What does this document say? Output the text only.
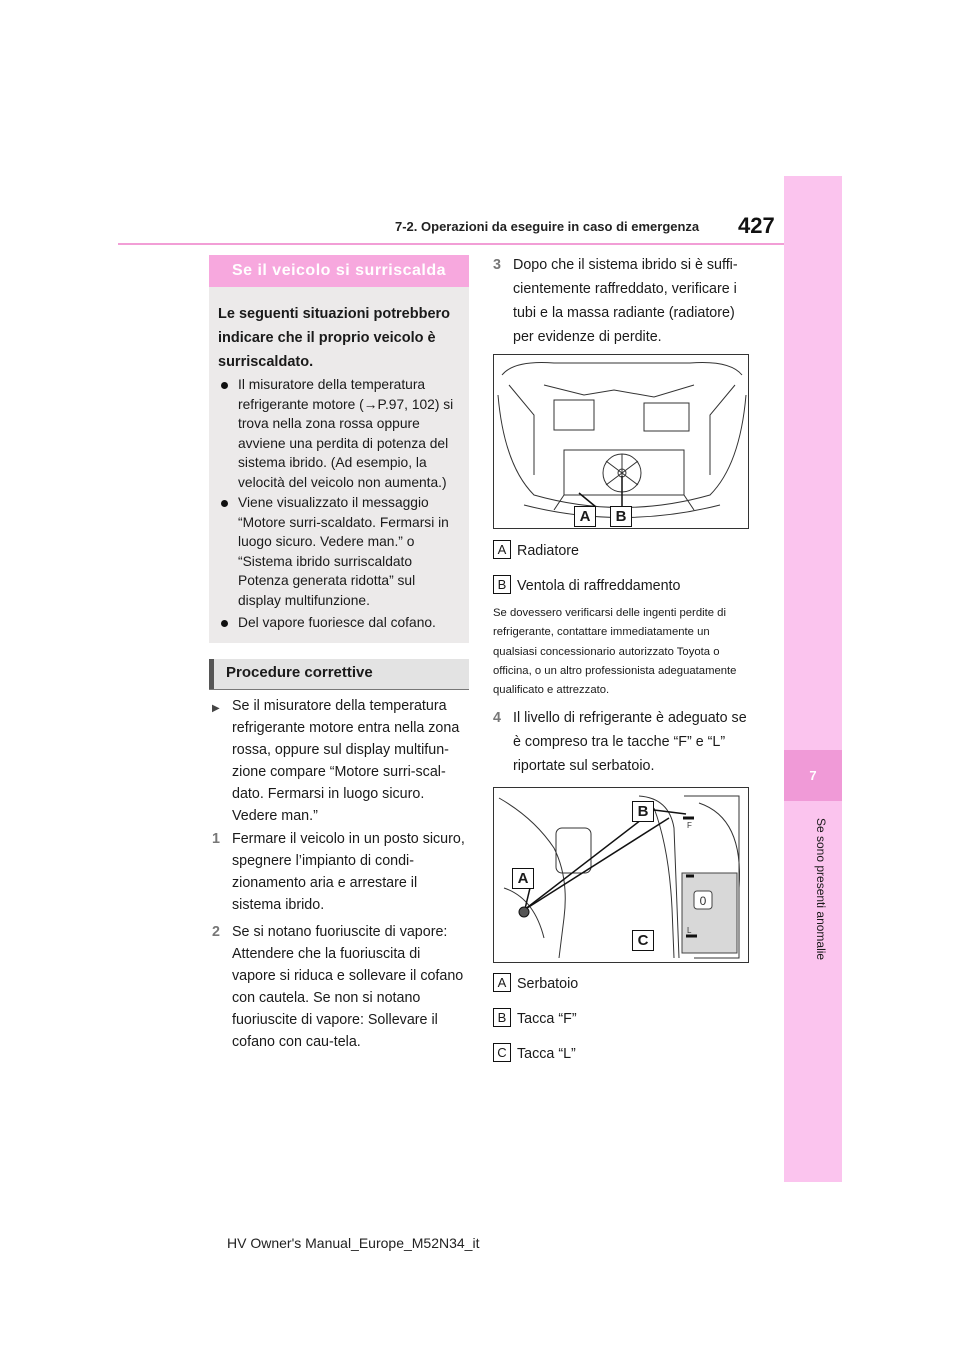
7-2. Operazioni da eseguire in caso di emergenza 427
7
Se sono presenti anomalie
Se il veicolo si surriscalda
Le seguenti situazioni potrebbero indicare che il proprio veicolo è surriscaldato.
Il misuratore della temperatura refrigerante motore (→P.97, 102) si trova nella zona rossa oppure avviene una perdita di potenza del sistema ibrido. (Ad esempio, la velocità del veicolo non aumenta.)
Viene visualizzato il messaggio “Motore surri-scaldato. Fermarsi in luogo sicuro. Vedere man.” o “Sistema ibrido surriscaldato Potenza generata ridotta” sul display multifunzione.
Del vapore fuoriesce dal cofano.
Procedure correttive
▶ Se il misuratore della temperatura refrigerante motore entra nella zona rossa, oppure sul display multifun-zione compare “Motore surri-scal-dato. Fermarsi in luogo sicuro. Vedere man.”
1 Fermare il veicolo in un posto sicuro, spegnere l’impianto di condi-zionamento aria e arrestare il sistema ibrido.
2 Se si notano fuoriuscite di vapore: Attendere che la fuoriuscita di vapore si riduca e sollevare il cofano con cautela. Se non si notano fuoriuscite di vapore: Sollevare il cofano con cau-tela.
3 Dopo che il sistema ibrido si è suffi-cientemente raffreddato, verificare i tubi e la massa radiante (radiatore) per evidenze di perdite.
A	B
A Radiatore
B Ventola di raffreddamento
Se dovessero verificarsi delle ingenti perdite di refrigerante, contattare immediatamente un qualsiasi concessionario autorizzato Toyota o officina, o un altro professionista adeguatamente qualificato e attrezzato.
4 Il livello di refrigerante è adeguato se è compreso tra le tacche “F” e “L” riportate sul serbatoio.
0
F
L
B
A
C
A Serbatoio
B Tacca “F”
C Tacca “L”
HV Owner's Manual_Europe_M52N34_it
